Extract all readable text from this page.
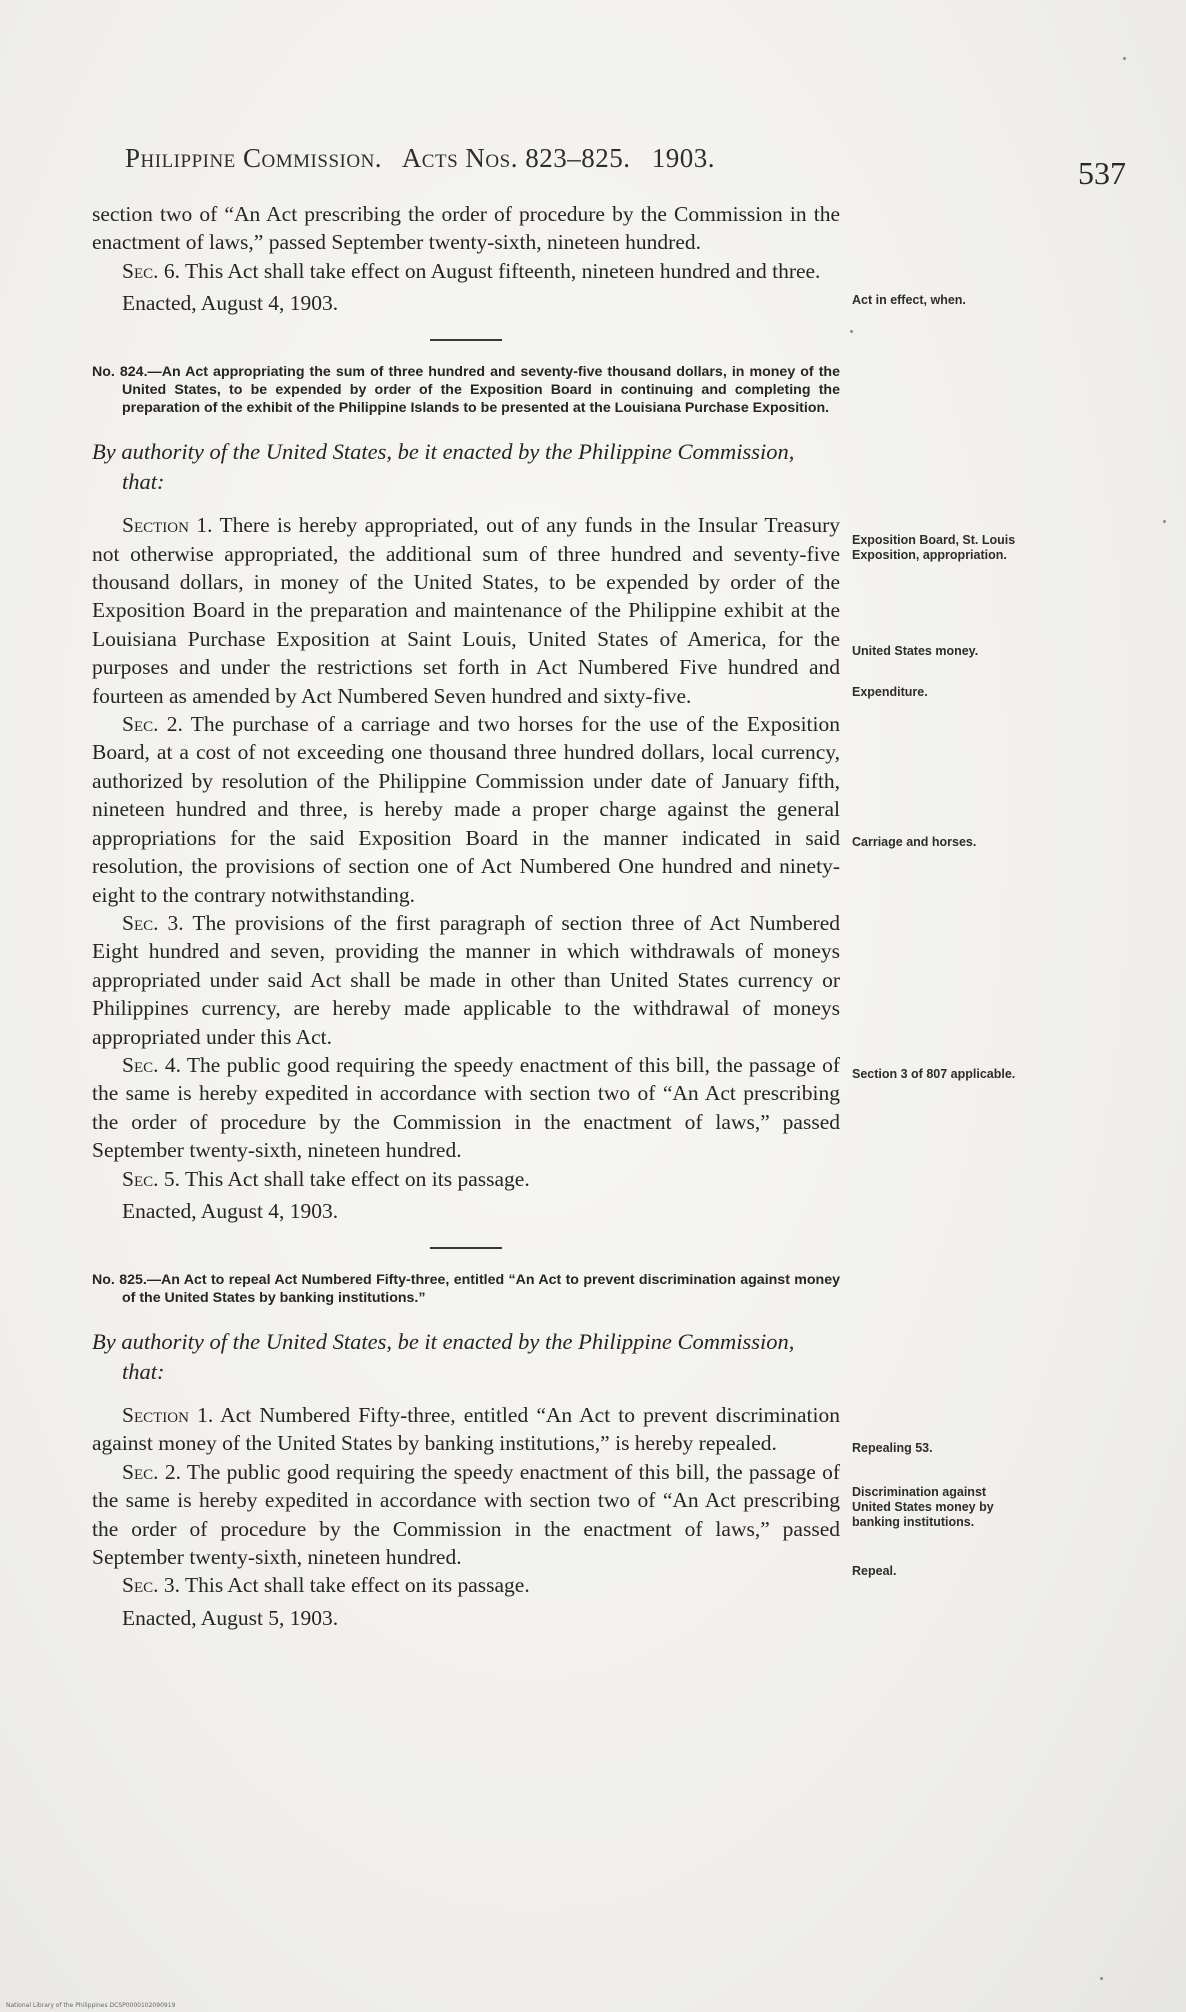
Philippine Commission. Acts Nos. 823–825. 1903.	537

section two of “An Act prescribing the order of procedure by the Commission in the enactment of laws,” passed September twenty-sixth, nineteen hundred.

Sec. 6. This Act shall take effect on August fifteenth, nineteen hundred and three.

Enacted, August 4, 1903.

No. 824.—An Act appropriating the sum of three hundred and seventy-five thousand dollars, in money of the United States, to be expended by order of the Exposition Board in continuing and completing the preparation of the exhibit of the Philippine Islands to be presented at the Louisiana Purchase Exposition.

By authority of the United States, be it enacted by the Philippine Commission, that:

Section 1. There is hereby appropriated, out of any funds in the Insular Treasury not otherwise appropriated, the additional sum of three hundred and seventy-five thousand dollars, in money of the United States, to be expended by order of the Exposition Board in the preparation and maintenance of the Philippine exhibit at the Louisiana Purchase Exposition at Saint Louis, United States of America, for the purposes and under the restrictions set forth in Act Numbered Five hundred and fourteen as amended by Act Numbered Seven hundred and sixty-five.

Sec. 2. The purchase of a carriage and two horses for the use of the Exposition Board, at a cost of not exceeding one thousand three hundred dollars, local currency, authorized by resolution of the Philippine Commission under date of January fifth, nineteen hundred and three, is hereby made a proper charge against the general appropriations for the said Exposition Board in the manner indicated in said resolution, the provisions of section one of Act Numbered One hundred and ninety-eight to the contrary notwithstanding.

Sec. 3. The provisions of the first paragraph of section three of Act Numbered Eight hundred and seven, providing the manner in which withdrawals of moneys appropriated under said Act shall be made in other than United States currency or Philippines currency, are hereby made applicable to the withdrawal of moneys appropriated under this Act.

Sec. 4. The public good requiring the speedy enactment of this bill, the passage of the same is hereby expedited in accordance with section two of “An Act prescribing the order of procedure by the Commission in the enactment of laws,” passed September twenty-sixth, nineteen hundred.

Sec. 5. This Act shall take effect on its passage.

Enacted, August 4, 1903.

No. 825.—An Act to repeal Act Numbered Fifty-three, entitled “An Act to prevent discrimination against money of the United States by banking institutions.”

By authority of the United States, be it enacted by the Philippine Commission, that:

Section 1. Act Numbered Fifty-three, entitled “An Act to prevent discrimination against money of the United States by banking institutions,” is hereby repealed.

Sec. 2. The public good requiring the speedy enactment of this bill, the passage of the same is hereby expedited in accordance with section two of “An Act prescribing the order of procedure by the Commission in the enactment of laws,” passed September twenty-sixth, nineteen hundred.

Sec. 3. This Act shall take effect on its passage.

Enacted, August 5, 1903.

Act in effect, when.
Exposition Board, St. Louis Exposition, appropriation.
United States money.
Expenditure.
Carriage and horses.
Section 3 of 807 applicable.
Repealing 53.
Discrimination against United States money by banking institutions.
Repeal.
National Library of the Philippines DCSP0000102090919
